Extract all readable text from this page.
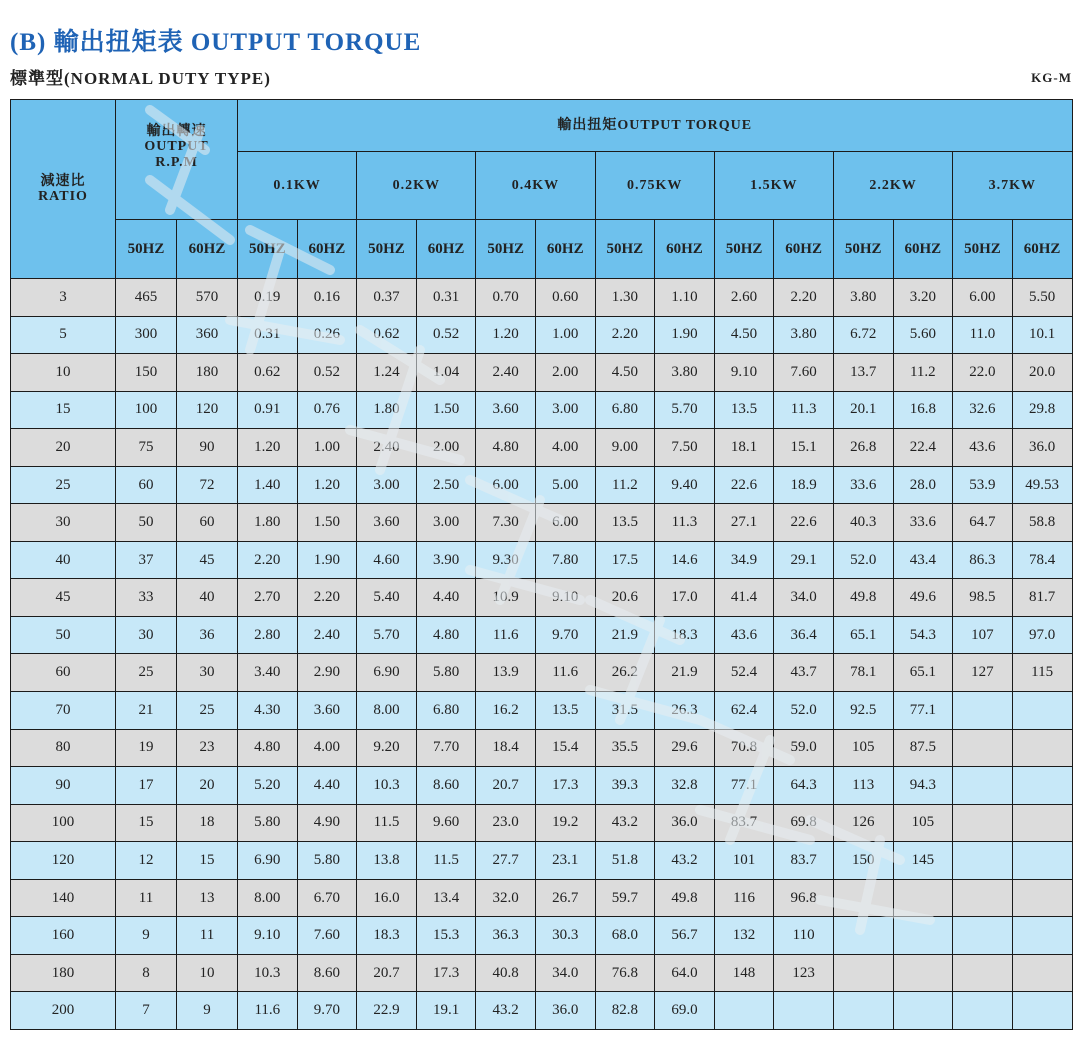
(B) 輸出扭矩表 OUTPUT TORQUE
標準型(NORMAL DUTY TYPE)	KG-M
減速比
RATIO	輸出轉速
OUTPUT
R.P.M		輸出扭矩OUTPUT TORQUE													
			0.1KW		0.2KW		0.4KW		0.75KW		1.5KW		2.2KW		3.7KW	
	50HZ	60HZ	50HZ	60HZ	50HZ	60HZ	50HZ	60HZ	50HZ	60HZ	50HZ	60HZ	50HZ	60HZ	50HZ	60HZ
3	465	570	0.19	0.16	0.37	0.31	0.70	0.60	1.30	1.10	2.60	2.20	3.80	3.20	6.00	5.50
5	300	360	0.31	0.26	0.62	0.52	1.20	1.00	2.20	1.90	4.50	3.80	6.72	5.60	11.0	10.1
10	150	180	0.62	0.52	1.24	1.04	2.40	2.00	4.50	3.80	9.10	7.60	13.7	11.2	22.0	20.0
15	100	120	0.91	0.76	1.80	1.50	3.60	3.00	6.80	5.70	13.5	11.3	20.1	16.8	32.6	29.8
20	75	90	1.20	1.00	2.40	2.00	4.80	4.00	9.00	7.50	18.1	15.1	26.8	22.4	43.6	36.0
25	60	72	1.40	1.20	3.00	2.50	6.00	5.00	11.2	9.40	22.6	18.9	33.6	28.0	53.9	49.53
30	50	60	1.80	1.50	3.60	3.00	7.30	6.00	13.5	11.3	27.1	22.6	40.3	33.6	64.7	58.8
40	37	45	2.20	1.90	4.60	3.90	9.30	7.80	17.5	14.6	34.9	29.1	52.0	43.4	86.3	78.4
45	33	40	2.70	2.20	5.40	4.40	10.9	9.10	20.6	17.0	41.4	34.0	49.8	49.6	98.5	81.7
50	30	36	2.80	2.40	5.70	4.80	11.6	9.70	21.9	18.3	43.6	36.4	65.1	54.3	107	97.0
60	25	30	3.40	2.90	6.90	5.80	13.9	11.6	26.2	21.9	52.4	43.7	78.1	65.1	127	115
70	21	25	4.30	3.60	8.00	6.80	16.2	13.5	31.5	26.3	62.4	52.0	92.5	77.1		
80	19	23	4.80	4.00	9.20	7.70	18.4	15.4	35.5	29.6	70.8	59.0	105	87.5		
90	17	20	5.20	4.40	10.3	8.60	20.7	17.3	39.3	32.8	77.1	64.3	113	94.3		
100	15	18	5.80	4.90	11.5	9.60	23.0	19.2	43.2	36.0	83.7	69.8	126	105		
120	12	15	6.90	5.80	13.8	11.5	27.7	23.1	51.8	43.2	101	83.7	150	145		
140	11	13	8.00	6.70	16.0	13.4	32.0	26.7	59.7	49.8	116	96.8				
160	9	11	9.10	7.60	18.3	15.3	36.3	30.3	68.0	56.7	132	110				
180	8	10	10.3	8.60	20.7	17.3	40.8	34.0	76.8	64.0	148	123				
200	7	9	11.6	9.70	22.9	19.1	43.2	36.0	82.8	69.0						
